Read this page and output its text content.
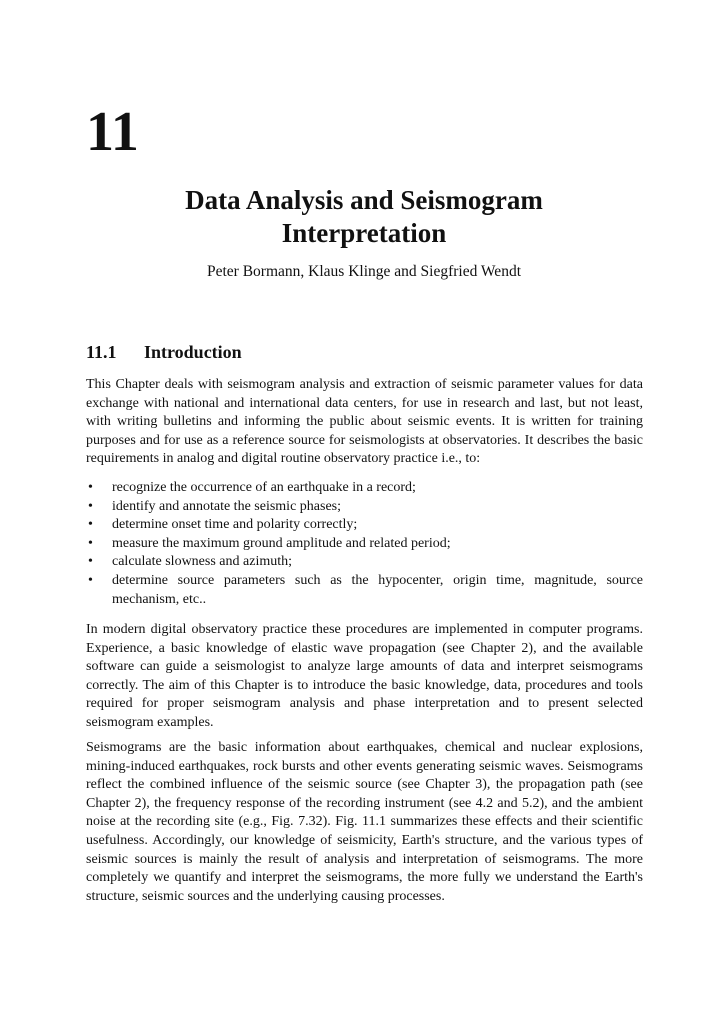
11
Data Analysis and Seismogram
Interpretation

Peter Bormann, Klaus Klinge and Siegfried Wendt

11.1 Introduction

This Chapter deals with seismogram analysis and extraction of seismic parameter values for data exchange with national and international data centers, for use in research and last, but not least, with writing bulletins and informing the public about seismic events. It is written for training purposes and for use as a reference source for seismologists at observatories. It describes the basic requirements in analog and digital routine observatory practice i.e., to:

• recognize the occurrence of an earthquake in a record;
• identify and annotate the seismic phases;
• determine onset time and polarity correctly;
• measure the maximum ground amplitude and related period;
• calculate slowness and azimuth;
• determine source parameters such as the hypocenter, origin time, magnitude, source mechanism, etc..

In modern digital observatory practice these procedures are implemented in computer programs. Experience, a basic knowledge of elastic wave propagation (see Chapter 2), and the available software can guide a seismologist to analyze large amounts of data and interpret seismograms correctly. The aim of this Chapter is to introduce the basic knowledge, data, procedures and tools required for proper seismogram analysis and phase interpretation and to present selected seismogram examples.

Seismograms are the basic information about earthquakes, chemical and nuclear explosions, mining-induced earthquakes, rock bursts and other events generating seismic waves. Seismograms reflect the combined influence of the seismic source (see Chapter 3), the propagation path (see Chapter 2), the frequency response of the recording instrument (see 4.2 and 5.2), and the ambient noise at the recording site (e.g., Fig. 7.32). Fig. 11.1 summarizes these effects and their scientific usefulness. Accordingly, our knowledge of seismicity, Earth's structure, and the various types of seismic sources is mainly the result of analysis and interpretation of seismograms. The more completely we quantify and interpret the seismograms, the more fully we understand the Earth's structure, seismic sources and the underlying causing processes.
